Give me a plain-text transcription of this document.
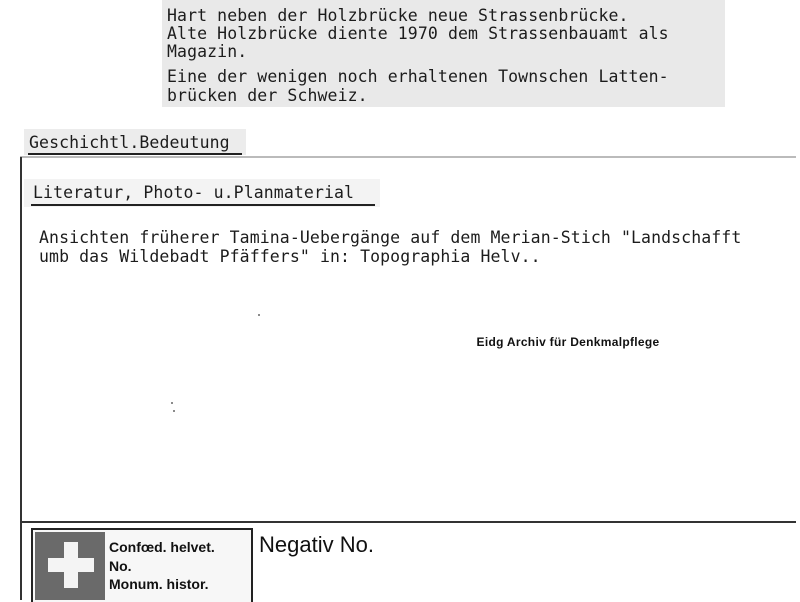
Hart neben der Holzbrücke neue Strassenbrücke.
Alte Holzbrücke diente 1970 dem Strassenbauamt als
Magazin.
Eine der wenigen noch erhaltenen Townschen Latten-
brücken der Schweiz.
Geschichtl.Bedeutung
Literatur, Photo- u.Planmaterial
Ansichten früherer Tamina-Uebergänge auf dem Merian-Stich "Landschafft
umb das Wildebadt Pfäffers" in: Topographia Helv..
Eidg Archiv für Denkmalpflege
Confœd. helvet.
No.
Monum. histor.
Negativ No.
